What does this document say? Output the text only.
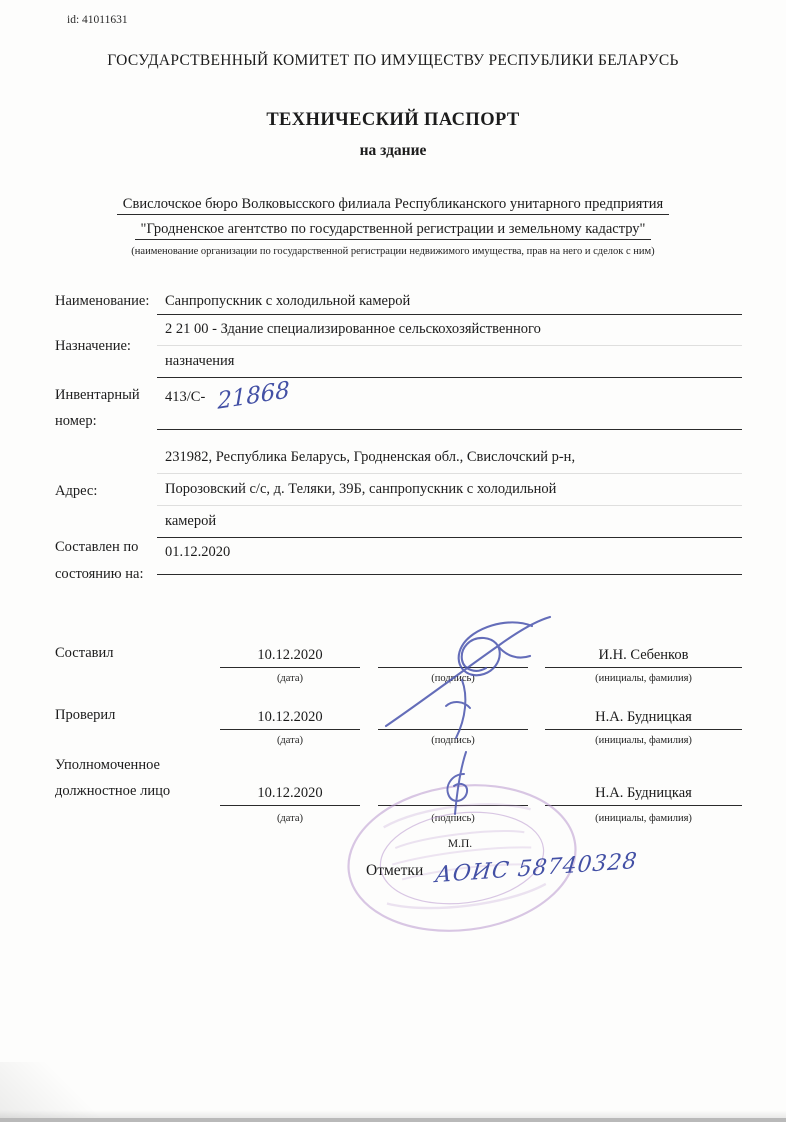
id: 41011631
ГОСУДАРСТВЕННЫЙ КОМИТЕТ ПО ИМУЩЕСТВУ РЕСПУБЛИКИ БЕЛАРУСЬ
ТЕХНИЧЕСКИЙ ПАСПОРТ
на здание
Свислочское бюро Волковысского филиала Республиканского унитарного предприятия
"Гродненское агентство по государственной регистрации и земельному кадастру"
(наименование организации по государственной регистрации недвижимого имущества, прав на него и сделок с ним)
Наименование:	Санпропускник с холодильной камерой
Назначение:
2 21 00 - Здание специализированное сельскохозяйственного
назначения
Инвентарный
номер:
413/С- 21868
Адрес:
231982, Республика Беларусь, Гродненская обл., Свислочский р-н,
Порозовский с/с, д. Теляки, 39Б, санпропускник с холодильной
камерой
Составлен по
состоянию на:
01.12.2020
Составил	10.12.2020	И.Н. Себенков
(дата)	(подпись)	(инициалы, фамилия)
Проверил	10.12.2020	Н.А. Будницкая
(дата)	(подпись)	(инициалы, фамилия)
Уполномоченное
должностное лицо	10.12.2020	Н.А. Будницкая
(дата)	(подпись)	(инициалы, фамилия)
М.П.
Отметки АОИС 58740328
